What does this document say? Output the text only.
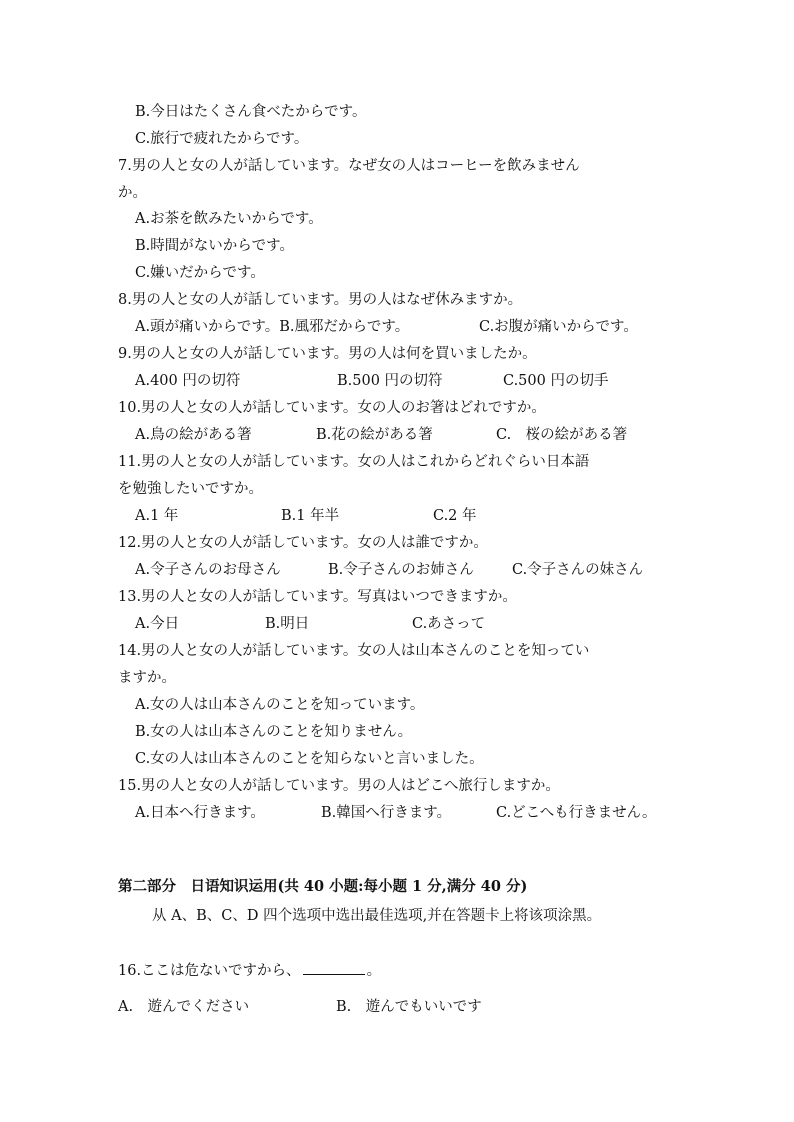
B.今日はたくさん食べたからです。
C.旅行で疲れたからです。
7.男の人と女の人が話しています。なぜ女の人はコーヒーを飲みません
か。
A.お茶を飲みたいからです。
B.時間がないからです。
C.嫌いだからです。
8.男の人と女の人が話しています。男の人はなぜ休みますか。
A.頭が痛いからです。B.風邪だからです。	C.お腹が痛いからです。
9.男の人と女の人が話しています。男の人は何を買いましたか。
A.400 円の切符	B.500 円の切符	C.500 円の切手
10.男の人と女の人が話しています。女の人のお箸はどれですか。
A.鳥の絵がある箸	B.花の絵がある箸	C.　桜の絵がある箸
11.男の人と女の人が話しています。女の人はこれからどれぐらい日本語
を勉強したいですか。
A.1 年	B.1 年半	C.2 年
12.男の人と女の人が話しています。女の人は誰ですか。
A.令子さんのお母さん	B.令子さんのお姉さん	C.令子さんの妹さん
13.男の人と女の人が話しています。写真はいつできますか。
A.今日	B.明日	C.あさって
14.男の人と女の人が話しています。女の人は山本さんのことを知ってい
ますか。
A.女の人は山本さんのことを知っています。
B.女の人は山本さんのことを知りません。
C.女の人は山本さんのことを知らないと言いました。
15.男の人と女の人が話しています。男の人はどこへ旅行しますか。
A.日本へ行きます。	B.韓国へ行きます。	C.どこへも行きません。
第二部分　日语知识运用(共 40 小题:每小题 1 分,满分 40 分)
从 A、B、C、D 四个选项中选出最佳选项,并在答题卡上将该项涂黑。
16.ここは危ないですから、	。
A.　遊んでください	B.　遊んでもいいです
